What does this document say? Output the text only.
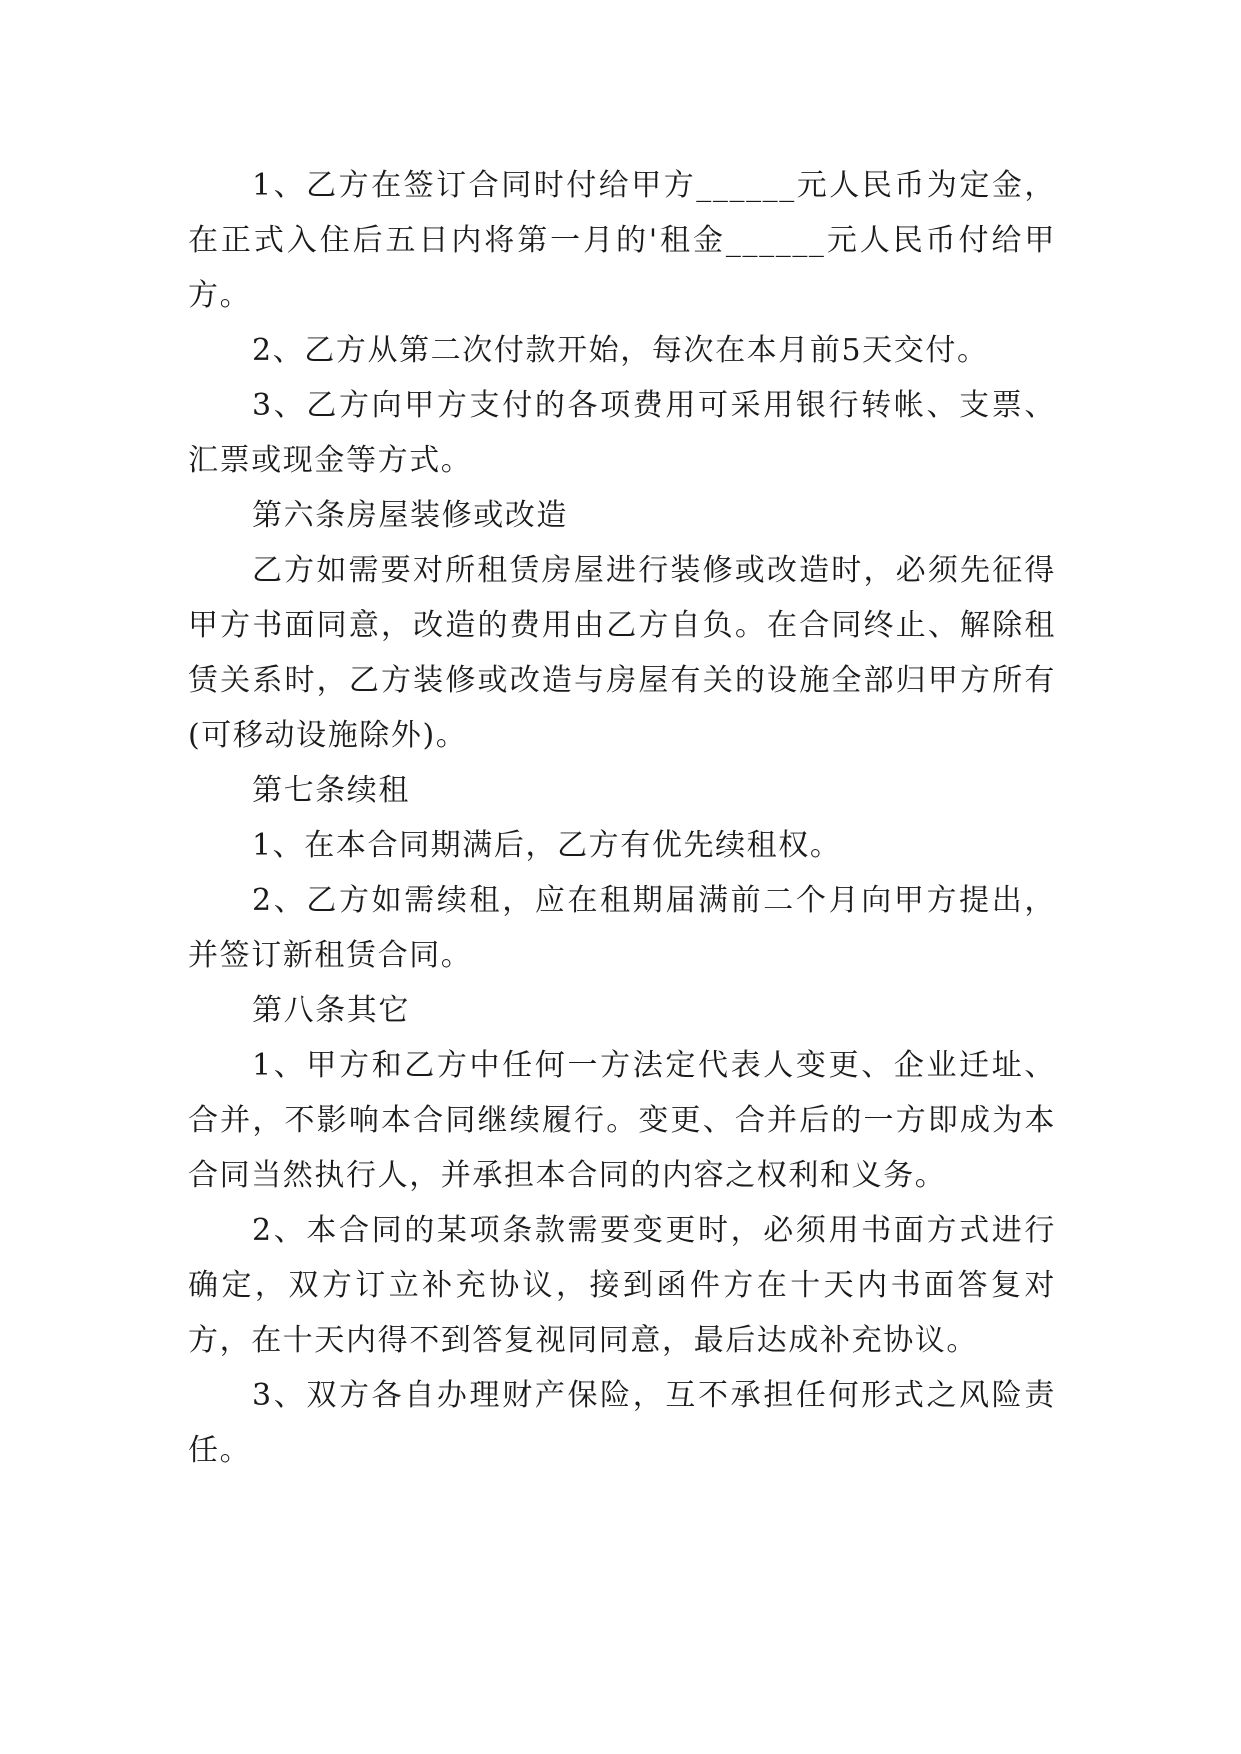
1、乙方在签订合同时付给甲方______元人民币为定金，在正式入住后五日内将第一月的'租金______元人民币付给甲方。

2、乙方从第二次付款开始，每次在本月前5天交付。

3、乙方向甲方支付的各项费用可采用银行转帐、支票、汇票或现金等方式。

第六条房屋装修或改造

乙方如需要对所租赁房屋进行装修或改造时，必须先征得甲方书面同意，改造的费用由乙方自负。在合同终止、解除租赁关系时，乙方装修或改造与房屋有关的设施全部归甲方所有(可移动设施除外)。

第七条续租

1、在本合同期满后，乙方有优先续租权。

2、乙方如需续租，应在租期届满前二个月向甲方提出，并签订新租赁合同。

第八条其它

1、甲方和乙方中任何一方法定代表人变更、企业迁址、合并，不影响本合同继续履行。变更、合并后的一方即成为本合同当然执行人，并承担本合同的内容之权利和义务。

2、本合同的某项条款需要变更时，必须用书面方式进行确定，双方订立补充协议，接到函件方在十天内书面答复对方，在十天内得不到答复视同同意，最后达成补充协议。

3、双方各自办理财产保险，互不承担任何形式之风险责任。
